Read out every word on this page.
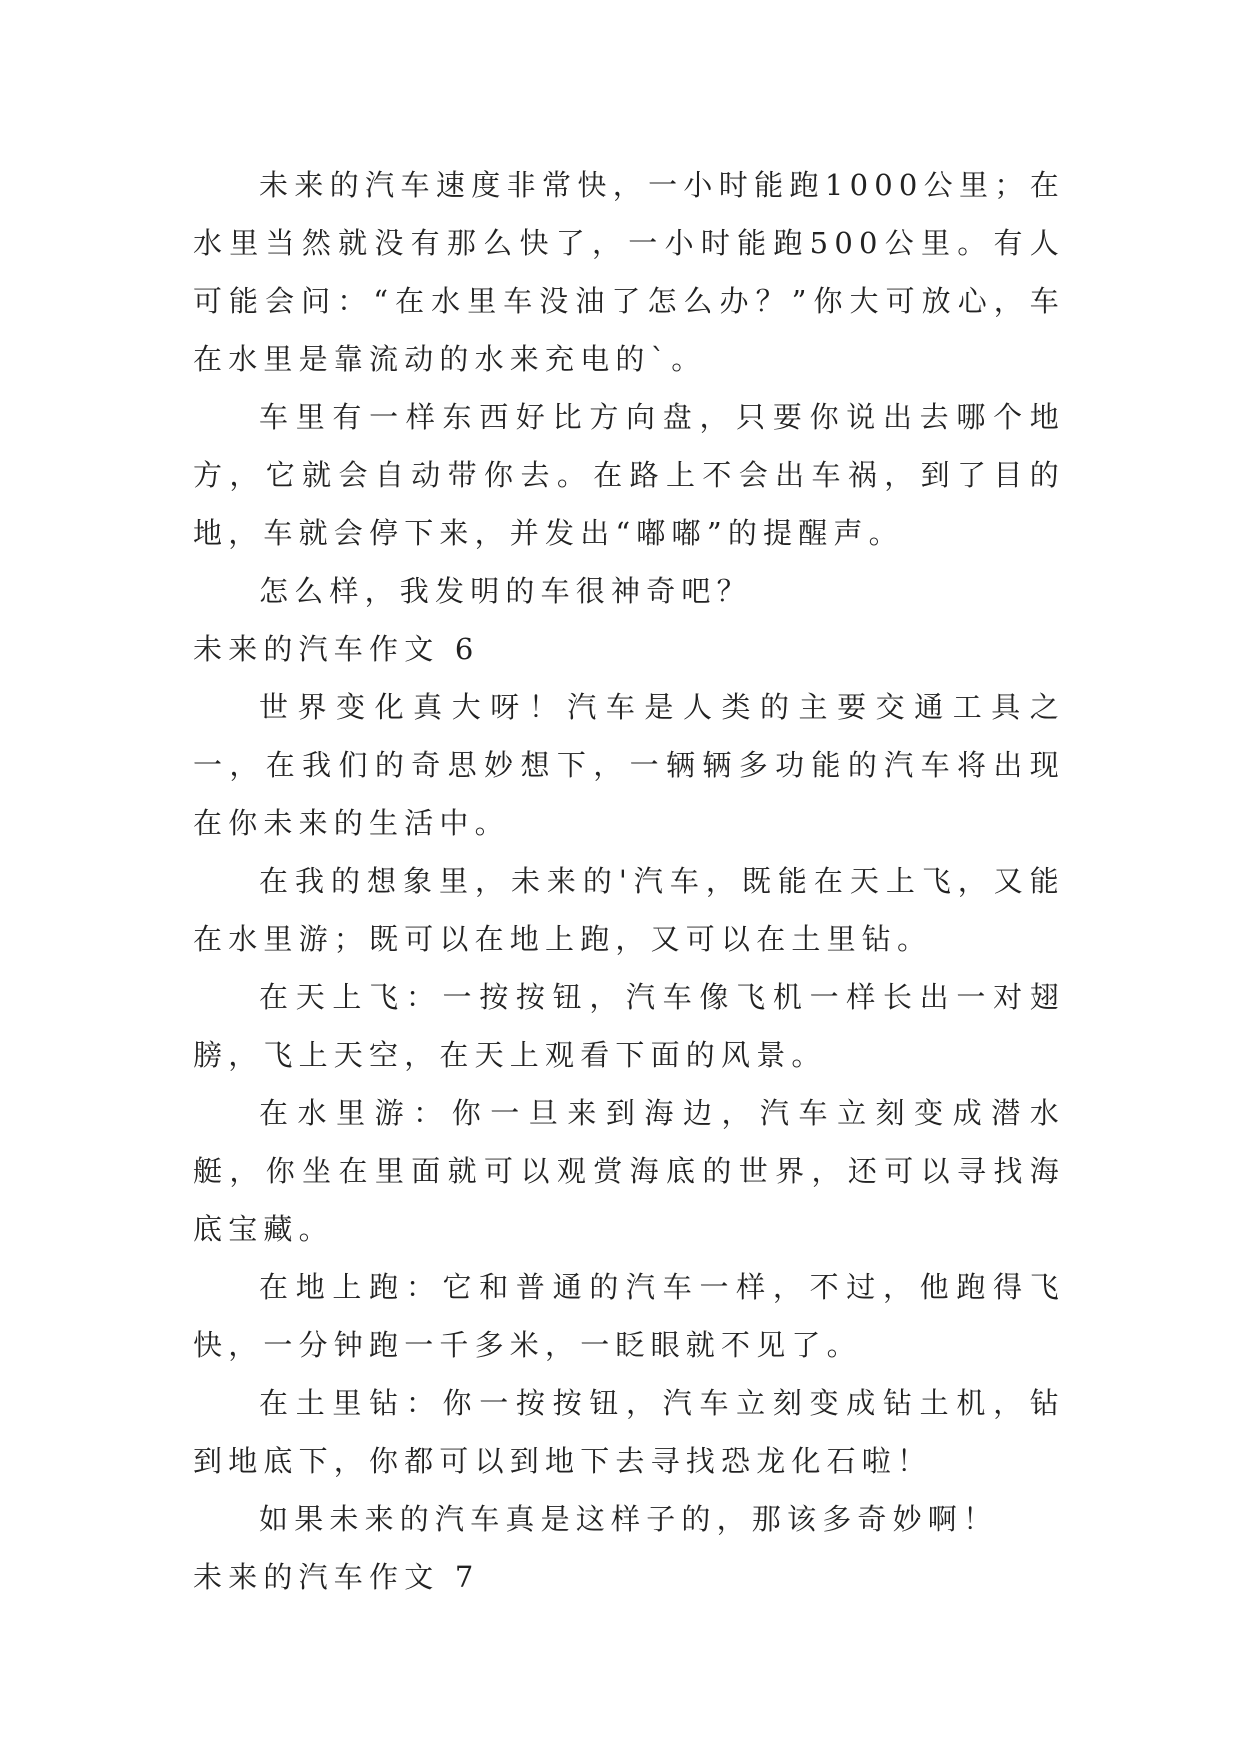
未来的汽车速度非常快，一小时能跑1000公里；在水里当然就没有那么快了，一小时能跑500公里。有人可能会问：“在水里车没油了怎么办？”你大可放心，车在水里是靠流动的水来充电的`。

车里有一样东西好比方向盘，只要你说出去哪个地方，它就会自动带你去。在路上不会出车祸，到了目的地，车就会停下来，并发出“嘟嘟”的提醒声。

怎么样，我发明的车很神奇吧？

未来的汽车作文 6

世界变化真大呀！汽车是人类的主要交通工具之一，在我们的奇思妙想下，一辆辆多功能的汽车将出现在你未来的生活中。

在我的想象里，未来的'汽车，既能在天上飞，又能在水里游；既可以在地上跑，又可以在土里钻。

在天上飞：一按按钮，汽车像飞机一样长出一对翅膀，飞上天空，在天上观看下面的风景。

在水里游：你一旦来到海边，汽车立刻变成潜水艇，你坐在里面就可以观赏海底的世界，还可以寻找海底宝藏。

在地上跑：它和普通的汽车一样，不过，他跑得飞快，一分钟跑一千多米，一眨眼就不见了。

在土里钻：你一按按钮，汽车立刻变成钻土机，钻到地底下，你都可以到地下去寻找恐龙化石啦！

如果未来的汽车真是这样子的，那该多奇妙啊！

未来的汽车作文 7
